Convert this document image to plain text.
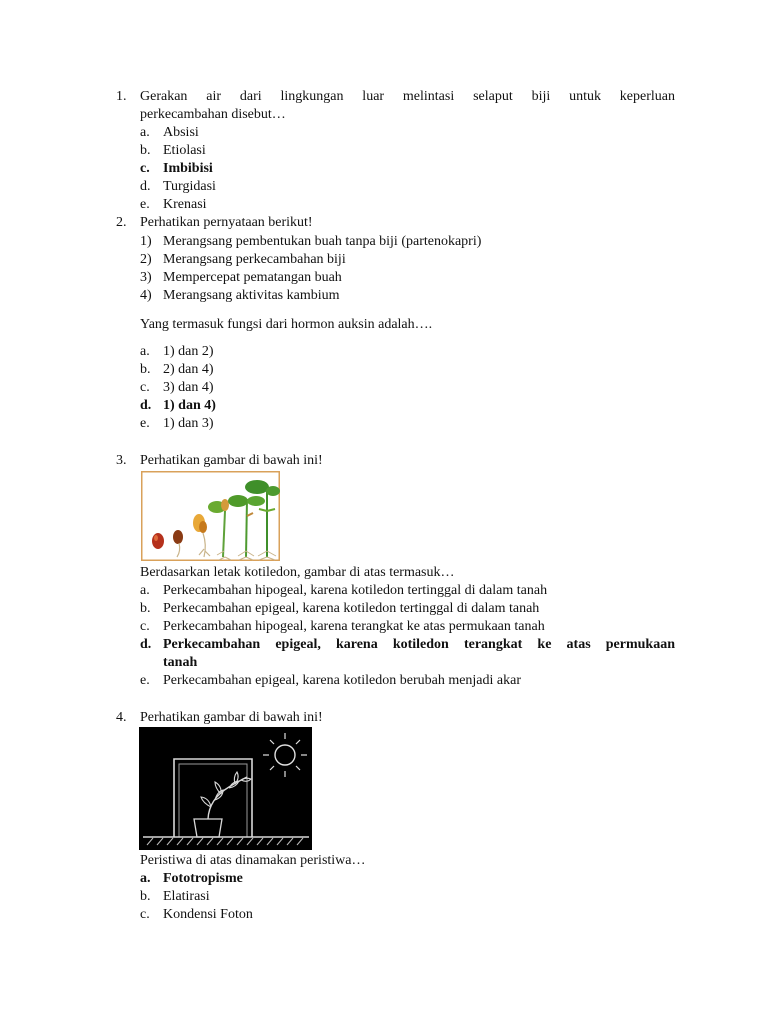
1. Gerakan air dari lingkungan luar melintasi selaput biji untuk keperluan
perkecambahan disebut…
a. Absisi
b. Etiolasi
c. Imbibisi
d. Turgidasi
e. Krenasi
2. Perhatikan pernyataan berikut!
1) Merangsang pembentukan buah tanpa biji (partenokapri)
2) Merangsang perkecambahan biji
3) Mempercepat pematangan buah
4) Merangsang aktivitas kambium
Yang termasuk fungsi dari hormon auksin adalah….
a. 1) dan 2)
b. 2) dan 4)
c. 3) dan 4)
d. 1) dan 4)
e. 1) dan 3)
3. Perhatikan gambar di bawah ini!
Berdasarkan letak kotiledon, gambar di atas termasuk…
a. Perkecambahan hipogeal, karena kotiledon tertinggal di dalam tanah
b. Perkecambahan epigeal, karena kotiledon tertinggal di dalam tanah
c. Perkecambahan hipogeal, karena terangkat ke atas permukaan tanah
d. Perkecambahan epigeal, karena kotiledon terangkat ke atas permukaan
tanah
e. Perkecambahan epigeal, karena kotiledon berubah menjadi akar
4. Perhatikan gambar di bawah ini!
Peristiwa di atas dinamakan peristiwa…
a. Fototropisme
b. Elatirasi
c. Kondensi Foton
